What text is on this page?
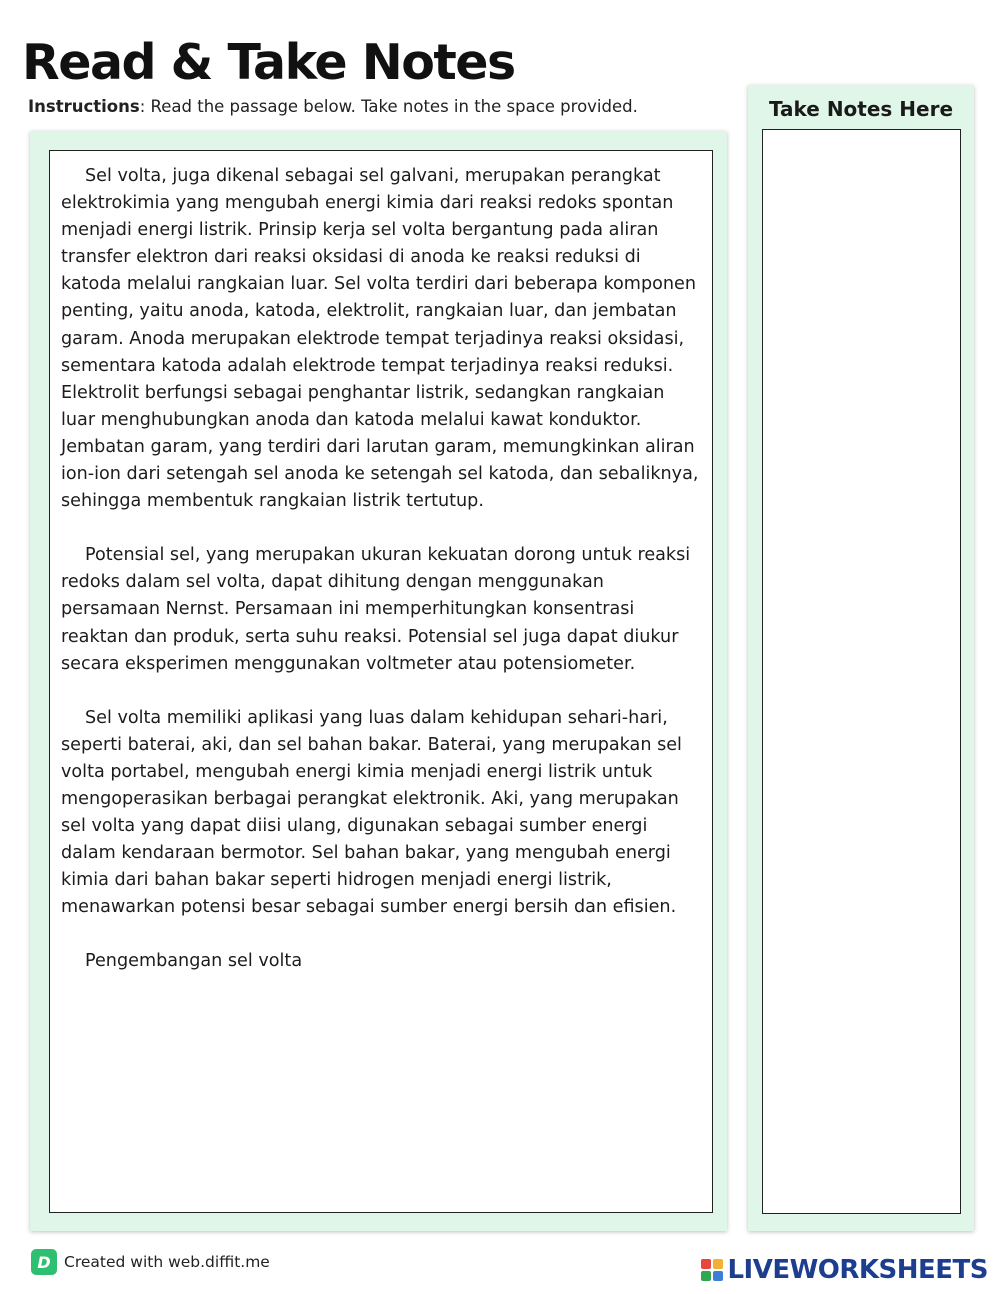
Read & Take Notes
Instructions: Read the passage below. Take notes in the space provided.

Sel volta, juga dikenal sebagai sel galvani, merupakan perangkat elektrokimia yang mengubah energi kimia dari reaksi redoks spontan menjadi energi listrik. Prinsip kerja sel volta bergantung pada aliran transfer elektron dari reaksi oksidasi di anoda ke reaksi reduksi di katoda melalui rangkaian luar. Sel volta terdiri dari beberapa komponen penting, yaitu anoda, katoda, elektrolit, rangkaian luar, dan jembatan garam. Anoda merupakan elektrode tempat terjadinya reaksi oksidasi, sementara katoda adalah elektrode tempat terjadinya reaksi reduksi. Elektrolit berfungsi sebagai penghantar listrik, sedangkan rangkaian luar menghubungkan anoda dan katoda melalui kawat konduktor. Jembatan garam, yang terdiri dari larutan garam, memungkinkan aliran ion-ion dari setengah sel anoda ke setengah sel katoda, dan sebaliknya, sehingga membentuk rangkaian listrik tertutup.

Potensial sel, yang merupakan ukuran kekuatan dorong untuk reaksi redoks dalam sel volta, dapat dihitung dengan menggunakan persamaan Nernst. Persamaan ini memperhitungkan konsentrasi reaktan dan produk, serta suhu reaksi. Potensial sel juga dapat diukur secara eksperimen menggunakan voltmeter atau potensiometer.

Sel volta memiliki aplikasi yang luas dalam kehidupan sehari-hari, seperti baterai, aki, dan sel bahan bakar. Baterai, yang merupakan sel volta portabel, mengubah energi kimia menjadi energi listrik untuk mengoperasikan berbagai perangkat elektronik. Aki, yang merupakan sel volta yang dapat diisi ulang, digunakan sebagai sumber energi dalam kendaraan bermotor. Sel bahan bakar, yang mengubah energi kimia dari bahan bakar seperti hidrogen menjadi energi listrik, menawarkan potensi besar sebagai sumber energi bersih dan efisien.

Pengembangan sel volta

Take Notes Here
D Created with web.diffit.me	LIVEWORKSHEETS
